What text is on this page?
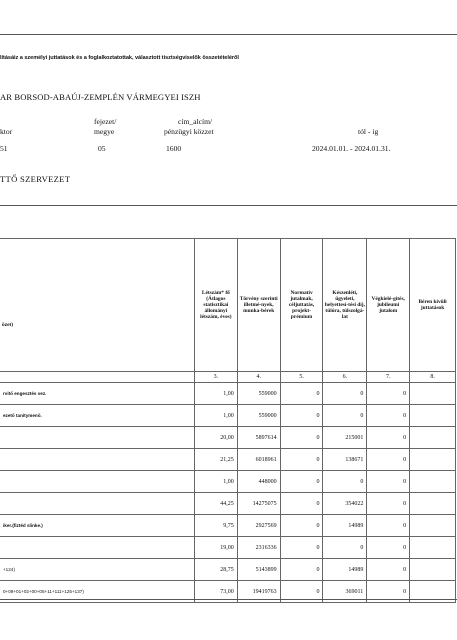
lításáiz a személyi juttatások és a foglalkoztatottak, választott tisztségviselők összetételéről
AR BORSOD-ABAÚJ-ZEMPLÉN VÁRMEGYEI ISZH
fejezet/	cím_alcím/
ktor	megye	pénzügyi közzet	tól - ig
51	05	1600	2024.01.01. - 2024.01.31.
TTŐ SZERVEZET
özet)	Létszám* fő (Átlagos statisztikai állományi létszám, éves)	Törvény szerinti illetmé-nyek, munka-bérek	Normatív jutalmak, céljuttatás, projekt-prémium	Készenléti, ügyeleti, helyettesí-tési díj, túlóra, túlszolgá-lat	Végkielé-gítés, jubileumi jutalom	Béren kívüli juttatások
	3.	4.	5.	6.	7.	8.
rvitő engesztés vez.	1,00	559000	0	0	0	
ezető tanítymenő.	1,00	559000	0	0	0	
	20,00	5897614	0	215001	0	
	21,25	6018961	0	138671	0	
	1,00	448000	0	0	0	
	44,25	14275075	0	354022	0	
iker.(fiztéd slinke.)	9,75	2927569	0	14989	0	
	19,00	2316336	0	0	0	
+124)	28,75	5143899	0	14989	0	
0+09+01+02+00+05+11+111+125+137)	73,00	19419763	0	369011	0	
